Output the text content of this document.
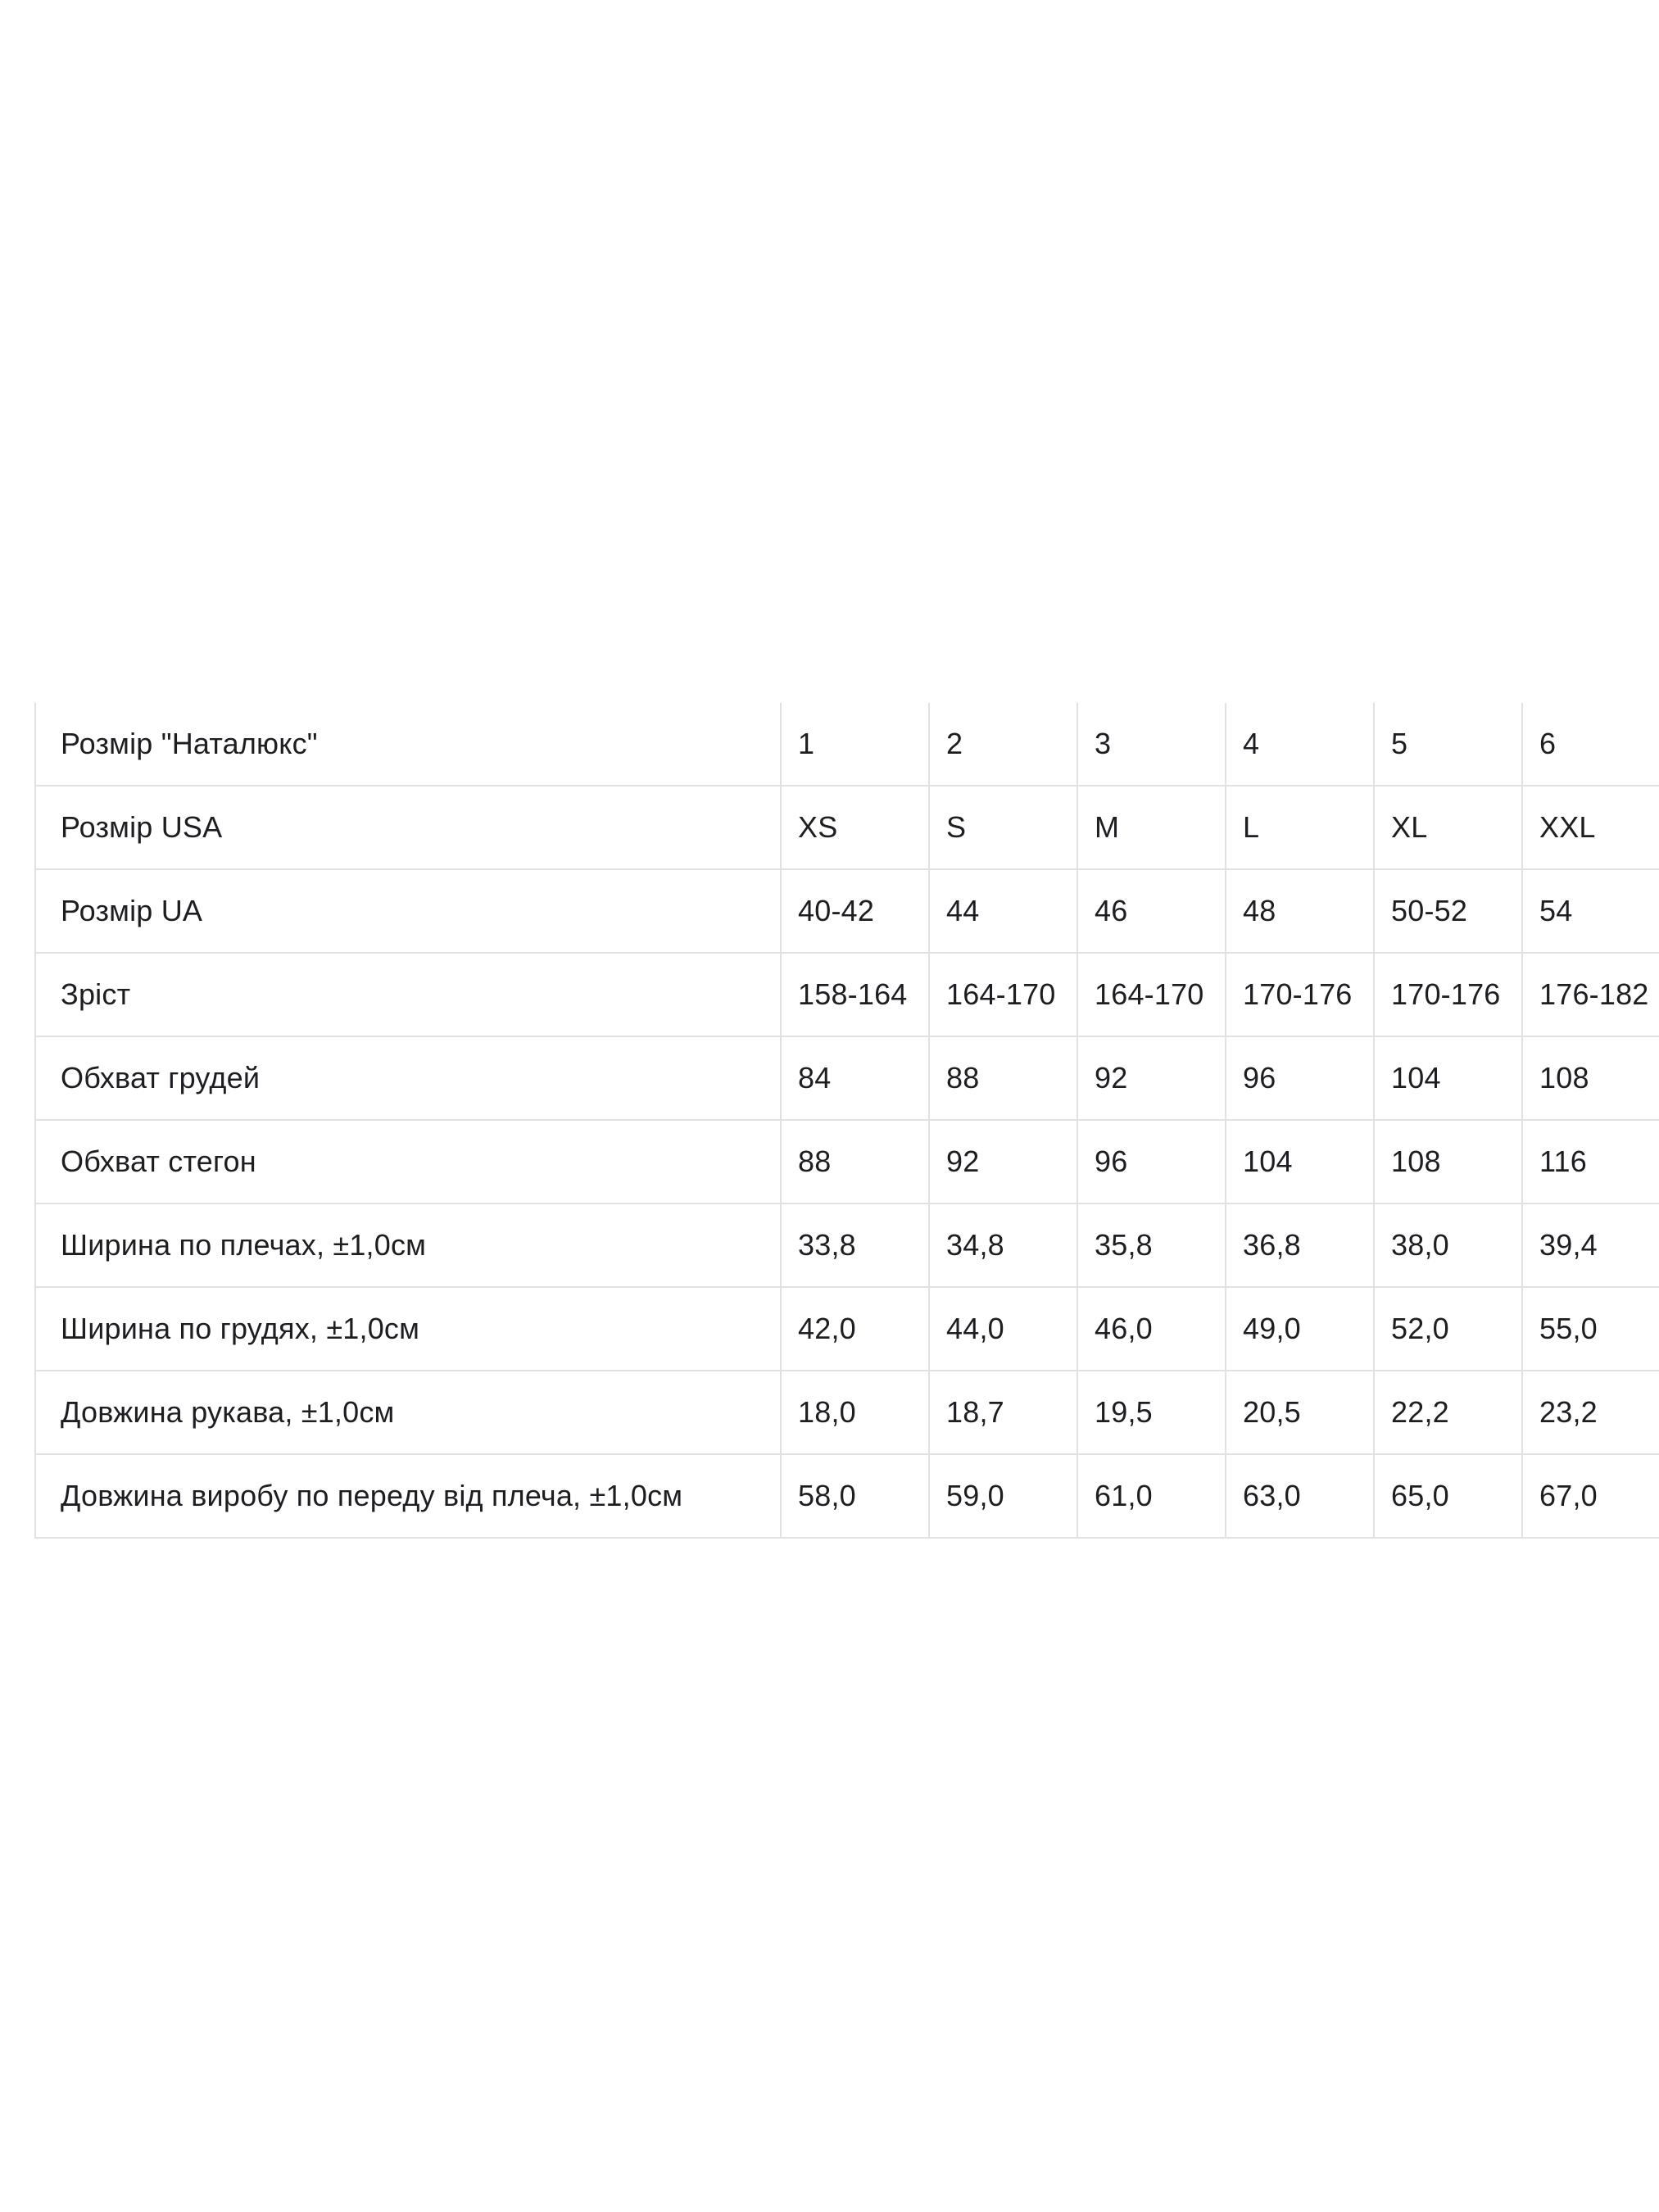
Розмір "Наталюкс"	1	2	3	4	5	6
Розмір USA	XS	S	M	L	XL	XXL
Розмір UA	40-42	44	46	48	50-52	54
Зріст	158-164	164-170	164-170	170-176	170-176	176-182
Обхват грудей	84	88	92	96	104	108
Обхват стегон	88	92	96	104	108	116
Ширина по плечах, ±1,0см	33,8	34,8	35,8	36,8	38,0	39,4
Ширина по грудях, ±1,0см	42,0	44,0	46,0	49,0	52,0	55,0
Довжина рукава, ±1,0см	18,0	18,7	19,5	20,5	22,2	23,2
Довжина виробу по переду від плеча, ±1,0см	58,0	59,0	61,0	63,0	65,0	67,0
